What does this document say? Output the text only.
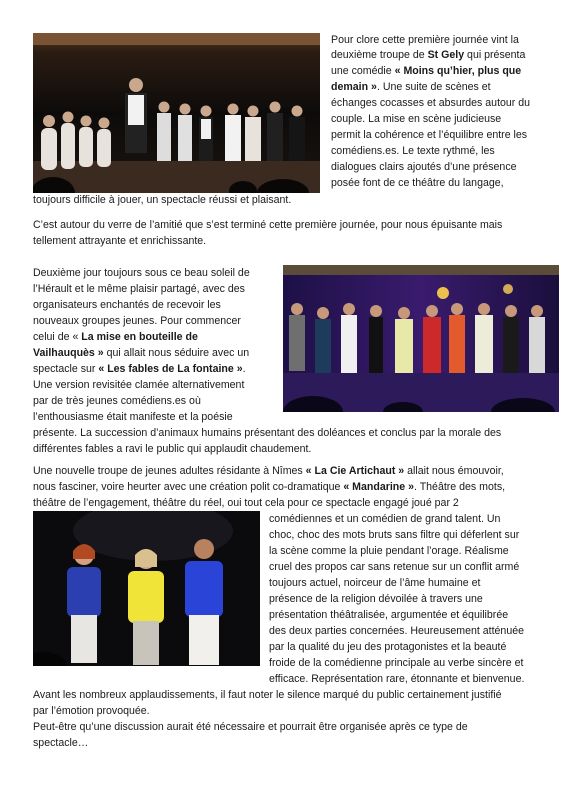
Pour clore cette première journée vint la

deuxième troupe de St Gely qui présenta

une comédie « Moins qu’hier, plus que

demain ». Une suite de scènes et

échanges cocasses et absurdes autour du

couple. La mise en scène judicieuse

permit la cohérence et l’équilibre entre les

comédiens.es. Le texte rythmé, les

dialogues clairs ajoutés d’une présence

posée font de ce théâtre du langage,

toujours difficile à jouer, un spectacle réussi et plaisant.

C’est autour du verre de l’amitié que s’est terminé cette première journée, pour nous épuisante mais

tellement attrayante et enrichissante.

Deuxième jour toujours sous ce beau soleil de

l’Hérault et le même plaisir partagé, avec des

organisateurs enchantés de recevoir les

nouveaux groupes jeunes. Pour commencer

celui de « La mise en bouteille de

Vailhauquès » qui allait nous séduire avec un

spectacle sur « Les fables de La fontaine ».

Une version revisitée clamée alternativement

par de très jeunes comédiens.es où

l’enthousiasme était manifeste et la poésie

présente. La succession d’animaux humains présentant des doléances et conclus par la morale des

différentes fables a ravi le public qui applaudit chaudement.

Une nouvelle troupe de jeunes adultes résidante à Nîmes « La Cie Artichaut » allait nous émouvoir,

nous fasciner, voire heurter avec une création polit co-dramatique « Mandarine ». Théâtre des mots,

théâtre de l’engagement, théâtre du réel, oui tout cela pour ce spectacle engagé joué par 2

comédiennes et un comédien de grand talent. Un

choc, choc des mots bruts sans filtre qui déferlent sur

la scène comme la pluie pendant l’orage. Réalisme

cruel des propos car sans retenue sur un conflit armé

toujours actuel, noirceur de l’âme humaine et

présence de la religion dévoilée à travers une

présentation théâtralisée, argumentée et équilibrée

des deux parties concernées. Heureusement atténuée

par la qualité du jeu des protagonistes et la beauté

froide de la comédienne principale au verbe sincère et

efficace. Représentation rare, étonnante et bienvenue.

Avant les nombreux applaudissements, il faut noter le silence marqué du public certainement justifié

par l’émotion provoquée.

Peut-être qu’une discussion aurait été nécessaire et pourrait être organisée après ce type de

spectacle…
